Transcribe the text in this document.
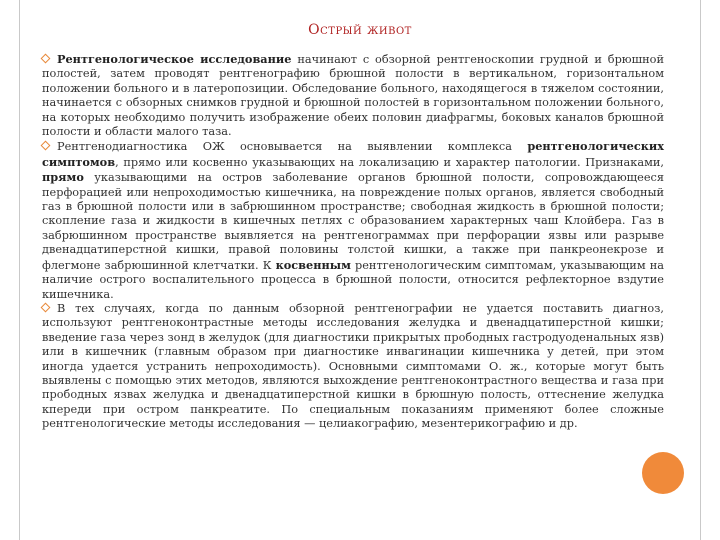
Острый живот

Рентгенологическое исследование начинают с обзорной рентгеноскопии грудной и брюшной полостей, затем проводят рентгенографию брюшной полости в вертикальном, горизонтальном положении больного и в латеропозиции. Обследование больного, находящегося в тяжелом состоянии, начинается с обзорных снимков грудной и брюшной полостей в горизонтальном положении больного, на которых необходимо получить изображение обеих половин диафрагмы, боковых каналов брюшной полости и области малого таза.

Рентгенодиагностика ОЖ основывается на выявлении комплекса рентгенологических симптомов, прямо или косвенно указывающих на локализацию и характер патологии. Признаками, прямо указывающими на остров заболевание органов брюшной полости, сопровождающееся перфорацией или непроходимостью кишечника, на повреждение полых органов, является свободный газ в брюшной полости или в забрюшинном пространстве; свободная жидкость в брюшной полости; скопление газа и жидкости в кишечных петлях с образованием характерных чаш Клойбера. Газ в забрюшинном пространстве выявляется на рентгенограммах при перфорации язвы или разрыве двенадцатиперстной кишки, правой половины толстой кишки, а также при панкреонекрозе и флегмоне забрюшинной клетчатки. К косвенным рентгенологическим симптомам, указывающим на наличие острого воспалительного процесса в брюшной полости, относится рефлекторное вздутие кишечника.

В тех случаях, когда по данным обзорной рентгенографии не удается поставить диагноз, используют рентгеноконтрастные методы исследования желудка и двенадцатиперстной кишки; введение газа через зонд в желудок (для диагностики прикрытых прободных гастродуоденальных язв) или в кишечник (главным образом при диагностике инвагинации кишечника у детей, при этом иногда удается устранить непроходимость). Основными симптомами О. ж., которые могут быть выявлены с помощью этих методов, являются выхождение рентгеноконтрастного вещества и газа при прободных язвах желудка и двенадцатиперстной кишки в брюшную полость, оттеснение желудка кпереди при остром панкреатите. По специальным показаниям применяют более сложные рентгенологические методы исследования — целиакографию, мезентерикографию и др.
